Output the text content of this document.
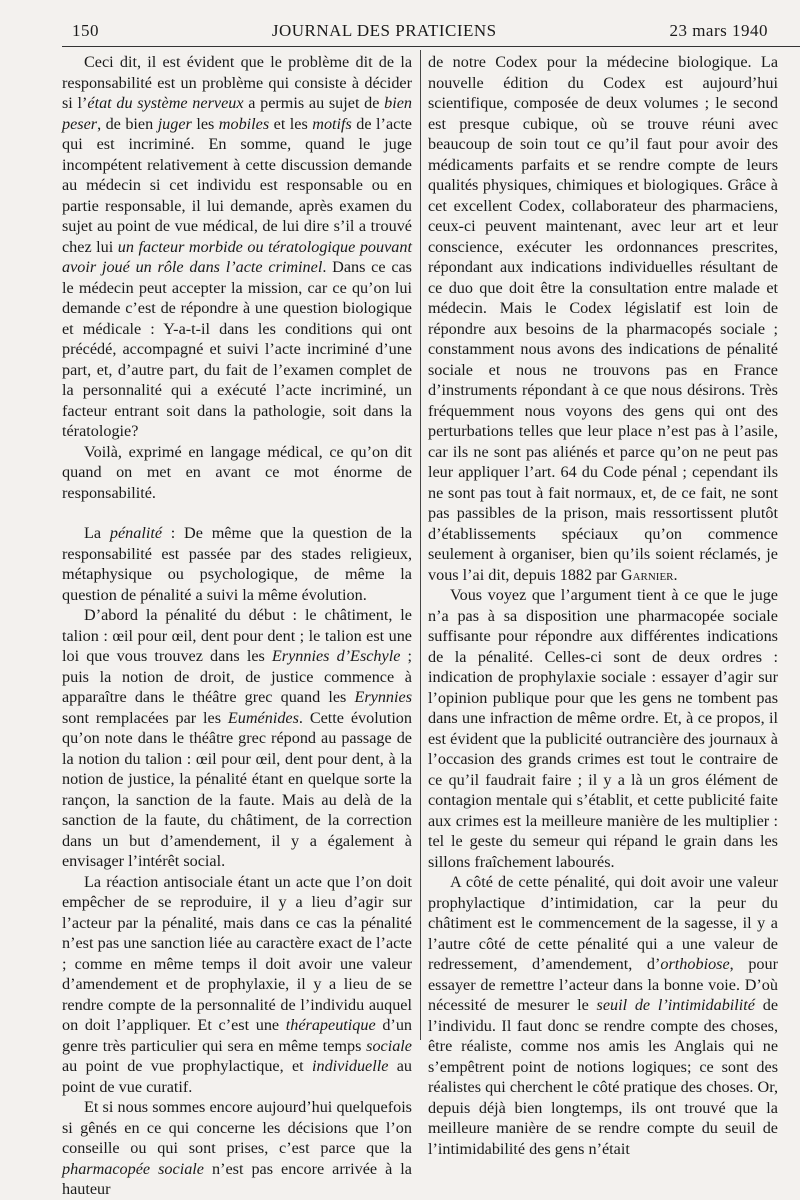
150	JOURNAL DES PRATICIENS	23 mars 1940

Ceci dit, il est évident que le problème dit de la responsabilité est un problème qui consiste à décider si l’état du système nerveux a permis au sujet de bien peser, de bien juger les mobiles et les motifs de l’acte qui est incriminé. En somme, quand le juge incompétent relativement à cette discussion demande au médecin si cet individu est responsable ou en partie responsable, il lui demande, après examen du sujet au point de vue médical, de lui dire s’il a trouvé chez lui un facteur morbide ou tératologique pouvant avoir joué un rôle dans l’acte criminel. Dans ce cas le médecin peut accepter la mission, car ce qu’on lui demande c’est de répondre à une question biologique et médicale : Y-a-t-il dans les conditions qui ont précédé, accompagné et suivi l’acte incriminé d’une part, et, d’autre part, du fait de l’examen complet de la personnalité qui a exécuté l’acte incriminé, un facteur entrant soit dans la pathologie, soit dans la tératologie?

Voilà, exprimé en langage médical, ce qu’on dit quand on met en avant ce mot énorme de responsabilité.

La pénalité : De même que la question de la responsabilité est passée par des stades religieux, métaphysique ou psychologique, de même la question de pénalité a suivi la même évolution.

D’abord la pénalité du début : le châtiment, le talion : œil pour œil, dent pour dent ; le talion est une loi que vous trouvez dans les Erynnies d’Eschyle ; puis la notion de droit, de justice commence à apparaître dans le théâtre grec quand les Erynnies sont remplacées par les Euménides. Cette évolution qu’on note dans le théâtre grec répond au passage de la notion du talion : œil pour œil, dent pour dent, à la notion de justice, la pénalité étant en quelque sorte la rançon, la sanction de la faute. Mais au delà de la sanction de la faute, du châtiment, de la correction dans un but d’amendement, il y a également à envisager l’intérêt social.

La réaction antisociale étant un acte que l’on doit empêcher de se reproduire, il y a lieu d’agir sur l’acteur par la pénalité, mais dans ce cas la pénalité n’est pas une sanction liée au caractère exact de l’acte ; comme en même temps il doit avoir une valeur d’amendement et de prophylaxie, il y a lieu de se rendre compte de la personnalité de l’individu auquel on doit l’appliquer. Et c’est une thérapeutique d’un genre très particulier qui sera en même temps sociale au point de vue prophylactique, et individuelle au point de vue curatif.

Et si nous sommes encore aujourd’hui quelquefois si gênés en ce qui concerne les décisions que l’on conseille ou qui sont prises, c’est parce que la pharmacopée sociale n’est pas encore arrivée à la hauteur

de notre Codex pour la médecine biologique. La nouvelle édition du Codex est aujourd’hui scientifique, composée de deux volumes ; le second est presque cubique, où se trouve réuni avec beaucoup de soin tout ce qu’il faut pour avoir des médicaments parfaits et se rendre compte de leurs qualités physiques, chimiques et biologiques. Grâce à cet excellent Codex, collaborateur des pharmaciens, ceux-ci peuvent maintenant, avec leur art et leur conscience, exécuter les ordonnances prescrites, répondant aux indications individuelles résultant de ce duo que doit être la consultation entre malade et médecin. Mais le Codex législatif est loin de répondre aux besoins de la pharmacopés sociale ; constamment nous avons des indications de pénalité sociale et nous ne trouvons pas en France d’instruments répondant à ce que nous désirons. Très fréquemment nous voyons des gens qui ont des perturbations telles que leur place n’est pas à l’asile, car ils ne sont pas aliénés et parce qu’on ne peut pas leur appliquer l’art. 64 du Code pénal ; cependant ils ne sont pas tout à fait normaux, et, de ce fait, ne sont pas passibles de la prison, mais ressortissent plutôt d’établissements spéciaux qu’on commence seulement à organiser, bien qu’ils soient réclamés, je vous l’ai dit, depuis 1882 par Garnier.

Vous voyez que l’argument tient à ce que le juge n’a pas à sa disposition une pharmacopée sociale suffisante pour répondre aux différentes indications de la pénalité. Celles-ci sont de deux ordres : indication de prophylaxie sociale : essayer d’agir sur l’opinion publique pour que les gens ne tombent pas dans une infraction de même ordre. Et, à ce propos, il est évident que la publicité outrancière des journaux à l’occasion des grands crimes est tout le contraire de ce qu’il faudrait faire ; il y a là un gros élément de contagion mentale qui s’établit, et cette publicité faite aux crimes est la meilleure manière de les multiplier : tel le geste du semeur qui répand le grain dans les sillons fraîchement labourés.

A côté de cette pénalité, qui doit avoir une valeur prophylactique d’intimidation, car la peur du châtiment est le commencement de la sagesse, il y a l’autre côté de cette pénalité qui a une valeur de redressement, d’amendement, d’orthobiose, pour essayer de remettre l’acteur dans la bonne voie. D’où nécessité de mesurer le seuil de l’intimidabilité de l’individu. Il faut donc se rendre compte des choses, être réaliste, comme nos amis les Anglais qui ne s’empêtrent point de notions logiques; ce sont des réalistes qui cherchent le côté pratique des choses. Or, depuis déjà bien longtemps, ils ont trouvé que la meilleure manière de se rendre compte du seuil de l’intimidabilité des gens n’était
